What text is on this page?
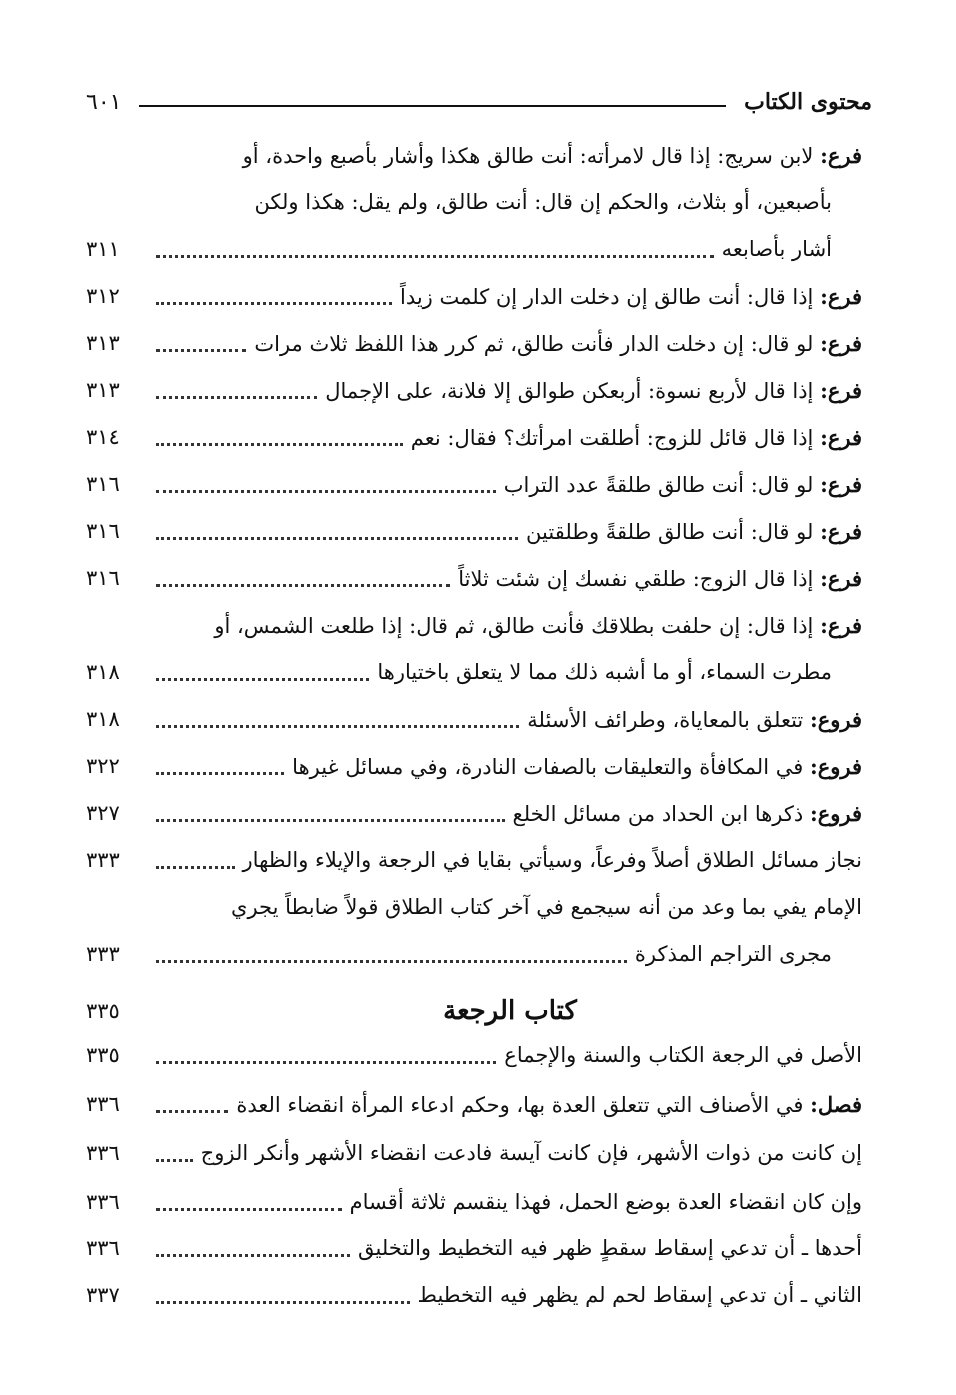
محتوى الكتاب
٦٠١
فرع: لابن سريج: إذا قال لامرأته: أنت طالق هكذا وأشار بأصبع واحدة، أو
بأصبعين، أو بثلاث، والحكم إن قال: أنت طالق، ولم يقل: هكذا ولكن
أشار بأصابعه
٣١١
فرع: إذا قال: أنت طالق إن دخلت الدار إن كلمت زيداً
٣١٢
فرع: لو قال: إن دخلت الدار فأنت طالق، ثم كرر هذا اللفظ ثلاث مرات
٣١٣
فرع: إذا قال لأربع نسوة: أربعكن طوالق إلا فلانة، على الإجمال
٣١٣
فرع: إذا قال قائل للزوج: أطلقت امرأتك؟ فقال: نعم
٣١٤
فرع: لو قال: أنت طالق طلقةً عدد التراب
٣١٦
فرع: لو قال: أنت طالق طلقةً وطلقتين
٣١٦
فرع: إذا قال الزوج: طلقي نفسك إن شئت ثلاثاً
٣١٦
فرع: إذا قال: إن حلفت بطلاقك فأنت طالق، ثم قال: إذا طلعت الشمس، أو
مطرت السماء، أو ما أشبه ذلك مما لا يتعلق باختيارها
٣١٨
فروع: تتعلق بالمعاياة، وطرائف الأسئلة
٣١٨
فروع: في المكافأة والتعليقات بالصفات النادرة، وفي مسائل غيرها
٣٢٢
فروع: ذكرها ابن الحداد من مسائل الخلع
٣٢٧
نجاز مسائل الطلاق أصلاً وفرعاً، وسيأتي بقايا في الرجعة والإيلاء والظهار
٣٣٣
الإمام يفي بما وعد من أنه سيجمع في آخر كتاب الطلاق قولاً ضابطاً يجري
مجرى التراجم المذكرة
٣٣٣
كتاب الرجعة
٣٣٥
الأصل في الرجعة الكتاب والسنة والإجماع
٣٣٥
فصل: في الأصناف التي تتعلق العدة بها، وحكم ادعاء المرأة انقضاء العدة
٣٣٦
إن كانت من ذوات الأشهر، فإن كانت آيسة فادعت انقضاء الأشهر وأنكر الزوج
٣٣٦
وإن كان انقضاء العدة بوضع الحمل، فهذا ينقسم ثلاثة أقسام
٣٣٦
أحدها ـ أن تدعي إسقاط سقطٍ ظهر فيه التخطيط والتخليق
٣٣٦
الثاني ـ أن تدعي إسقاط لحم لم يظهر فيه التخطيط
٣٣٧
